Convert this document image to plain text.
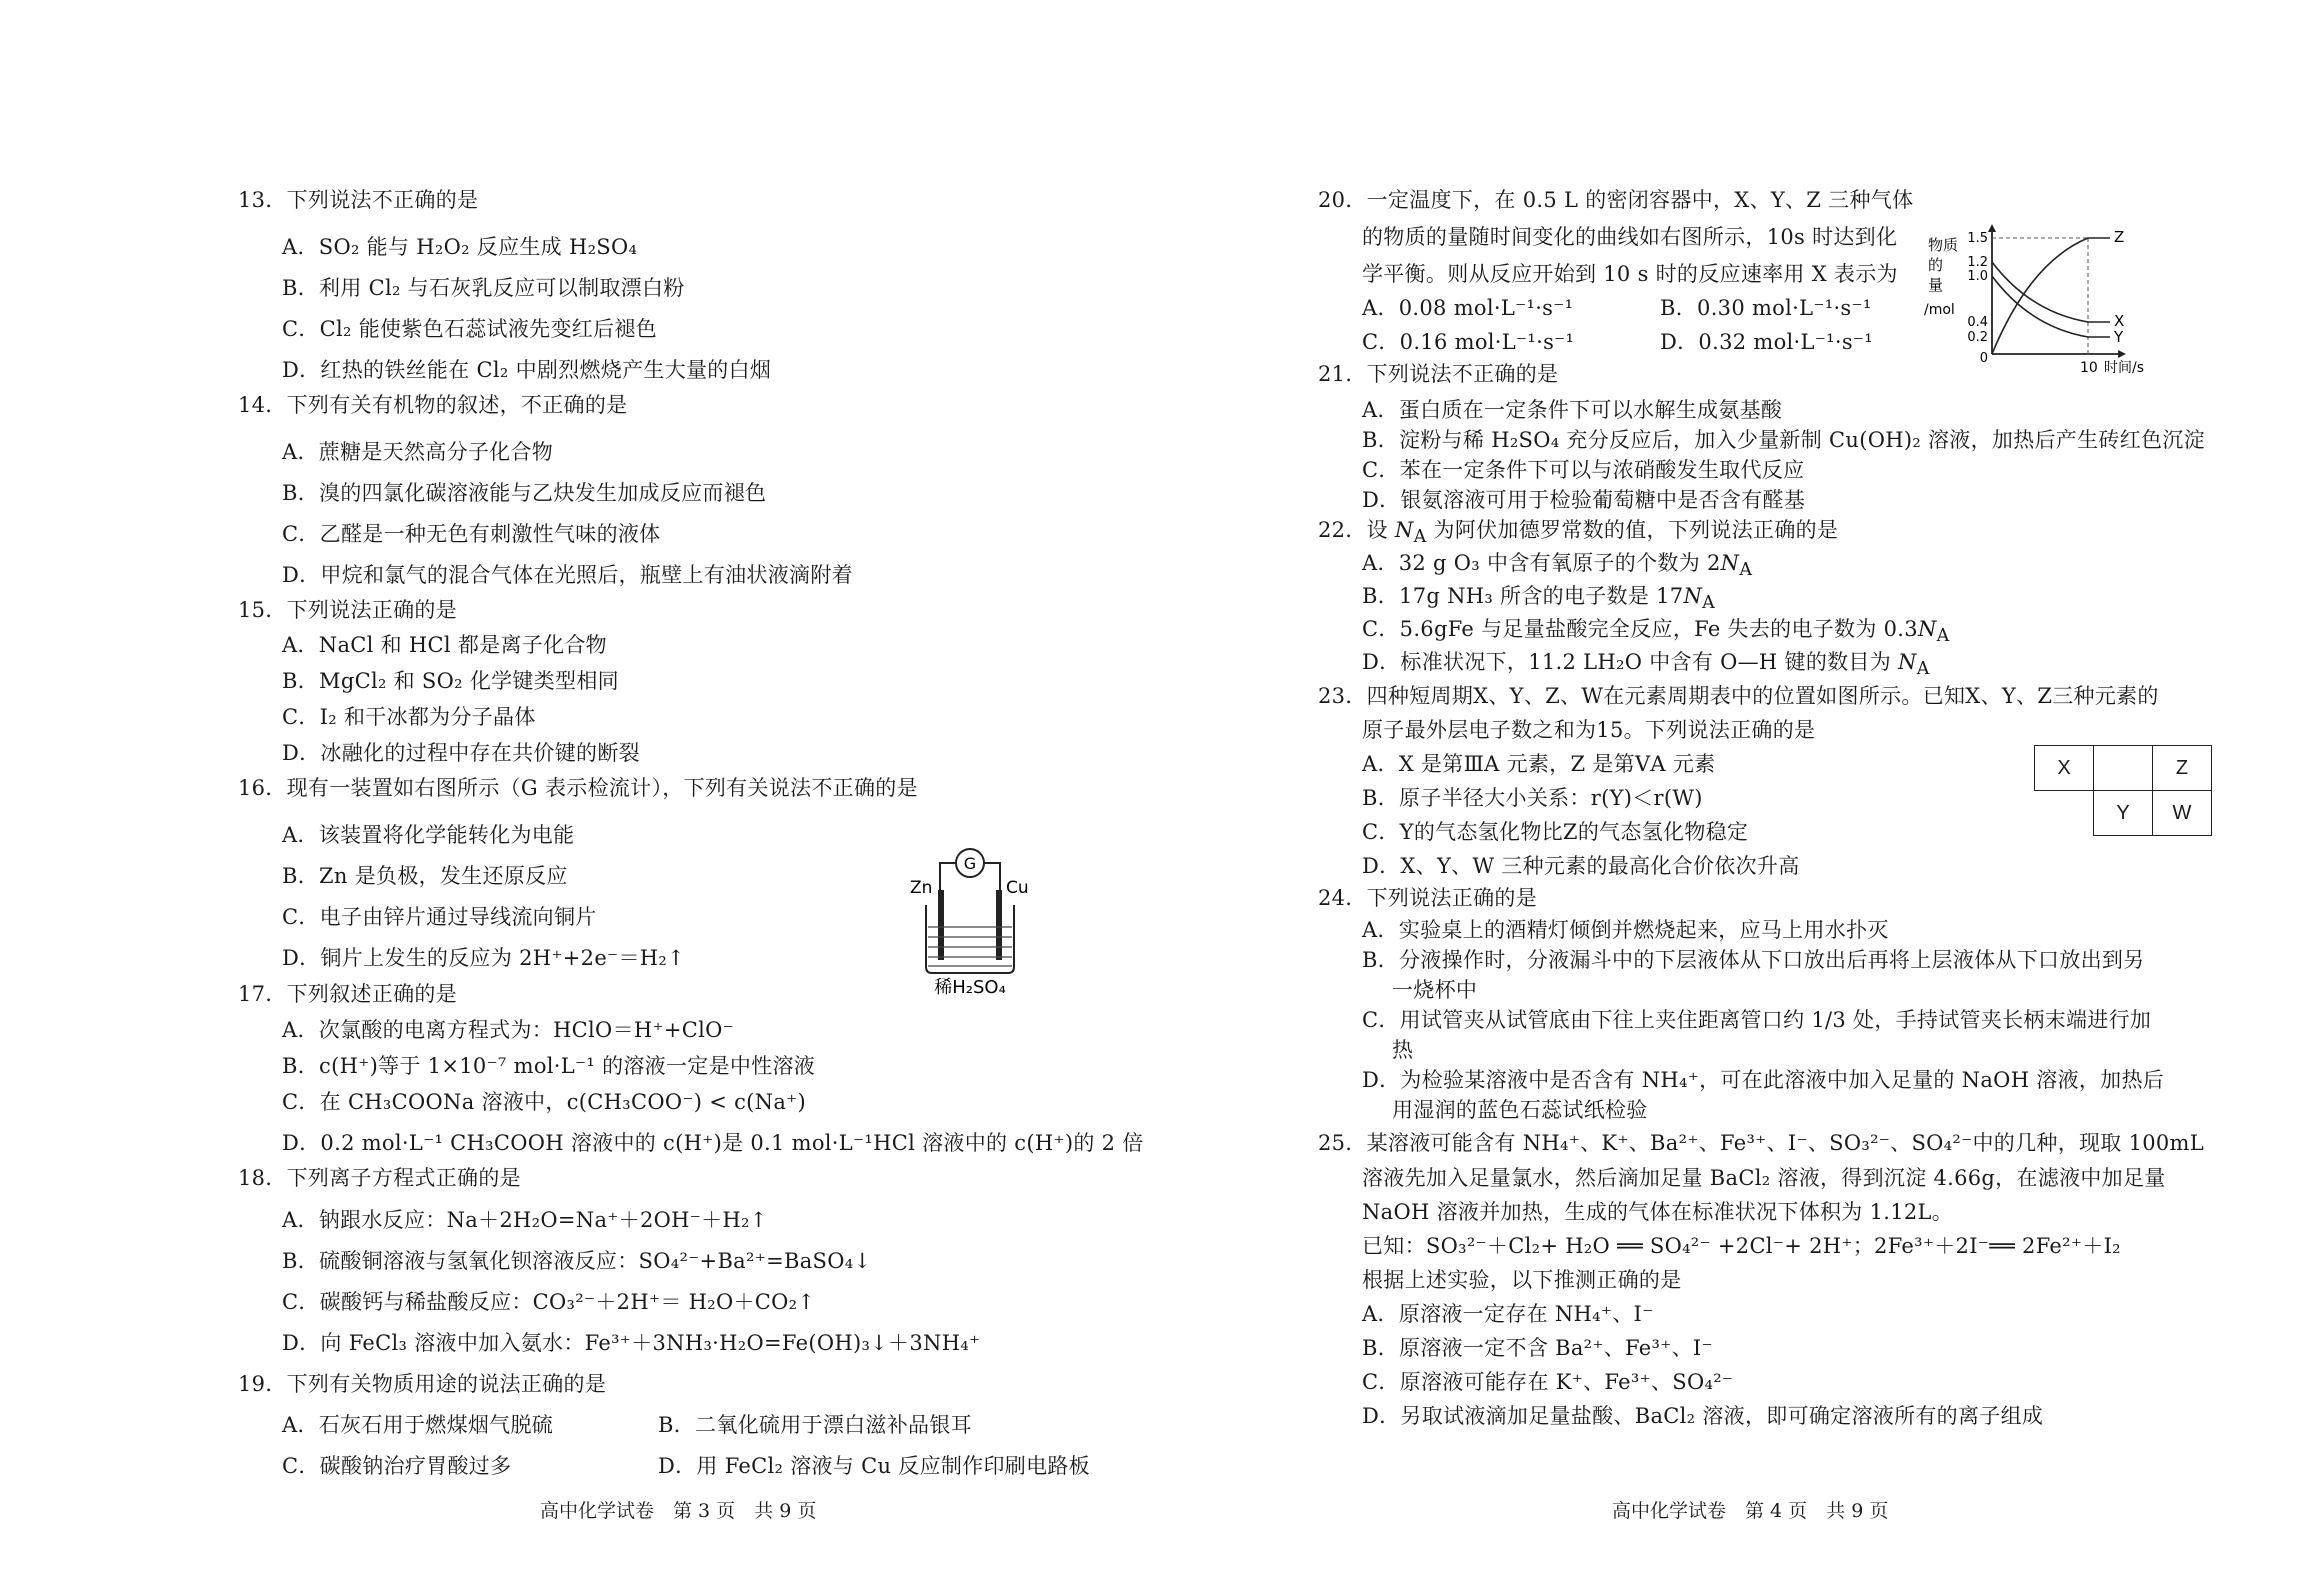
高中化学试卷　第 3 页　共 9 页
G
Zn	Cu
稀H₂SO₄
13．下列说法不正确的是
A．SO₂ 能与 H₂O₂ 反应生成 H₂SO₄
B．利用 Cl₂ 与石灰乳反应可以制取漂白粉
C．Cl₂ 能使紫色石蕊试液先变红后褪色
D．红热的铁丝能在 Cl₂ 中剧烈燃烧产生大量的白烟
14．下列有关有机物的叙述，不正确的是
A．蔗糖是天然高分子化合物
B．溴的四氯化碳溶液能与乙炔发生加成反应而褪色
C．乙醛是一种无色有刺激性气味的液体
D．甲烷和氯气的混合气体在光照后，瓶壁上有油状液滴附着
15．下列说法正确的是
A．NaCl 和 HCl 都是离子化合物
B．MgCl₂ 和 SO₂ 化学键类型相同
C．I₂ 和干冰都为分子晶体
D．冰融化的过程中存在共价键的断裂
16．现有一装置如右图所示（G 表示检流计），下列有关说法不正确的是
A．该装置将化学能转化为电能
B．Zn 是负极，发生还原反应
C．电子由锌片通过导线流向铜片
D．铜片上发生的反应为 2H⁺+2e⁻＝H₂↑
17．下列叙述正确的是
A．次氯酸的电离方程式为：HClO＝H⁺+ClO⁻
B．c(H⁺)等于 1×10⁻⁷ mol·L⁻¹ 的溶液一定是中性溶液
C．在 CH₃COONa 溶液中，c(CH₃COO⁻) < c(Na⁺)
D．0.2 mol·L⁻¹ CH₃COOH 溶液中的 c(H⁺)是 0.1 mol·L⁻¹HCl 溶液中的 c(H⁺)的 2 倍
18．下列离子方程式正确的是
A．钠跟水反应：Na＋2H₂O=Na⁺＋2OH⁻＋H₂↑
B．硫酸铜溶液与氢氧化钡溶液反应：SO₄²⁻+Ba²⁺=BaSO₄↓
C．碳酸钙与稀盐酸反应：CO₃²⁻＋2H⁺＝ H₂O＋CO₂↑
D．向 FeCl₃ 溶液中加入氨水：Fe³⁺＋3NH₃·H₂O=Fe(OH)₃↓＋3NH₄⁺
19．下列有关物质用途的说法正确的是
A．石灰石用于燃煤烟气脱硫	B．二氧化硫用于漂白滋补品银耳
C．碳酸钠治疗胃酸过多	D．用 FeCl₂ 溶液与 Cu 反应制作印刷电路板
高中化学试卷　第 4 页　共 9 页
物质
的
量
/mol
1.5
1.2
1.0
0.4
0.2
0
Z
X
Y
10 时间/s
X		Z
	Y	W
20．一定温度下，在 0.5 L 的密闭容器中，X、Y、Z 三种气体
的物质的量随时间变化的曲线如右图所示，10s 时达到化
学平衡。则从反应开始到 10 s 时的反应速率用 X 表示为
A．0.08 mol·L⁻¹·s⁻¹	B．0.30 mol·L⁻¹·s⁻¹
C．0.16 mol·L⁻¹·s⁻¹	D．0.32 mol·L⁻¹·s⁻¹
21．下列说法不正确的是
A．蛋白质在一定条件下可以水解生成氨基酸
B．淀粉与稀 H₂SO₄ 充分反应后，加入少量新制 Cu(OH)₂ 溶液，加热后产生砖红色沉淀
C．苯在一定条件下可以与浓硝酸发生取代反应
D．银氨溶液可用于检验葡萄糖中是否含有醛基
22．设 $N_A$ 为阿伏加德罗常数的值，下列说法正确的是
A．32 g O₃ 中含有氧原子的个数为 $2N_A$
B．17g NH₃ 所含的电子数是 $17N_A$
C．5.6gFe 与足量盐酸完全反应，Fe 失去的电子数为 $0.3N_A$
D．标准状况下，11.2 LH₂O 中含有 O—H 键的数目为 $N_A$
23．四种短周期X、Y、Z、W在元素周期表中的位置如图所示。已知X、Y、Z三种元素的
原子最外层电子数之和为15。下列说法正确的是
A．X 是第ⅢA 元素，Z 是第ⅤA 元素
B．原子半径大小关系：r(Y)＜r(W)
C．Y的气态氢化物比Z的气态氢化物稳定
D．X、Y、W 三种元素的最高化合价依次升高
24．下列说法正确的是
A．实验桌上的酒精灯倾倒并燃烧起来，应马上用水扑灭
B．分液操作时，分液漏斗中的下层液体从下口放出后再将上层液体从下口放出到另
一烧杯中
C．用试管夹从试管底由下往上夹住距离管口约 1/3 处，手持试管夹长柄末端进行加
热
D．为检验某溶液中是否含有 NH₄⁺，可在此溶液中加入足量的 NaOH 溶液，加热后
用湿润的蓝色石蕊试纸检验
25．某溶液可能含有 NH₄⁺、K⁺、Ba²⁺、Fe³⁺、I⁻、SO₃²⁻、SO₄²⁻中的几种，现取 100mL
溶液先加入足量氯水，然后滴加足量 BaCl₂ 溶液，得到沉淀 4.66g，在滤液中加足量
NaOH 溶液并加热，生成的气体在标准状况下体积为 1.12L。
已知：SO₃²⁻＋Cl₂+ H₂O ══ SO₄²⁻ +2Cl⁻+ 2H⁺；2Fe³⁺＋2I⁻══ 2Fe²⁺＋I₂
根据上述实验，以下推测正确的是
A．原溶液一定存在 NH₄⁺、I⁻
B．原溶液一定不含 Ba²⁺、Fe³⁺、I⁻
C．原溶液可能存在 K⁺、Fe³⁺、SO₄²⁻
D．另取试液滴加足量盐酸、BaCl₂ 溶液，即可确定溶液所有的离子组成
